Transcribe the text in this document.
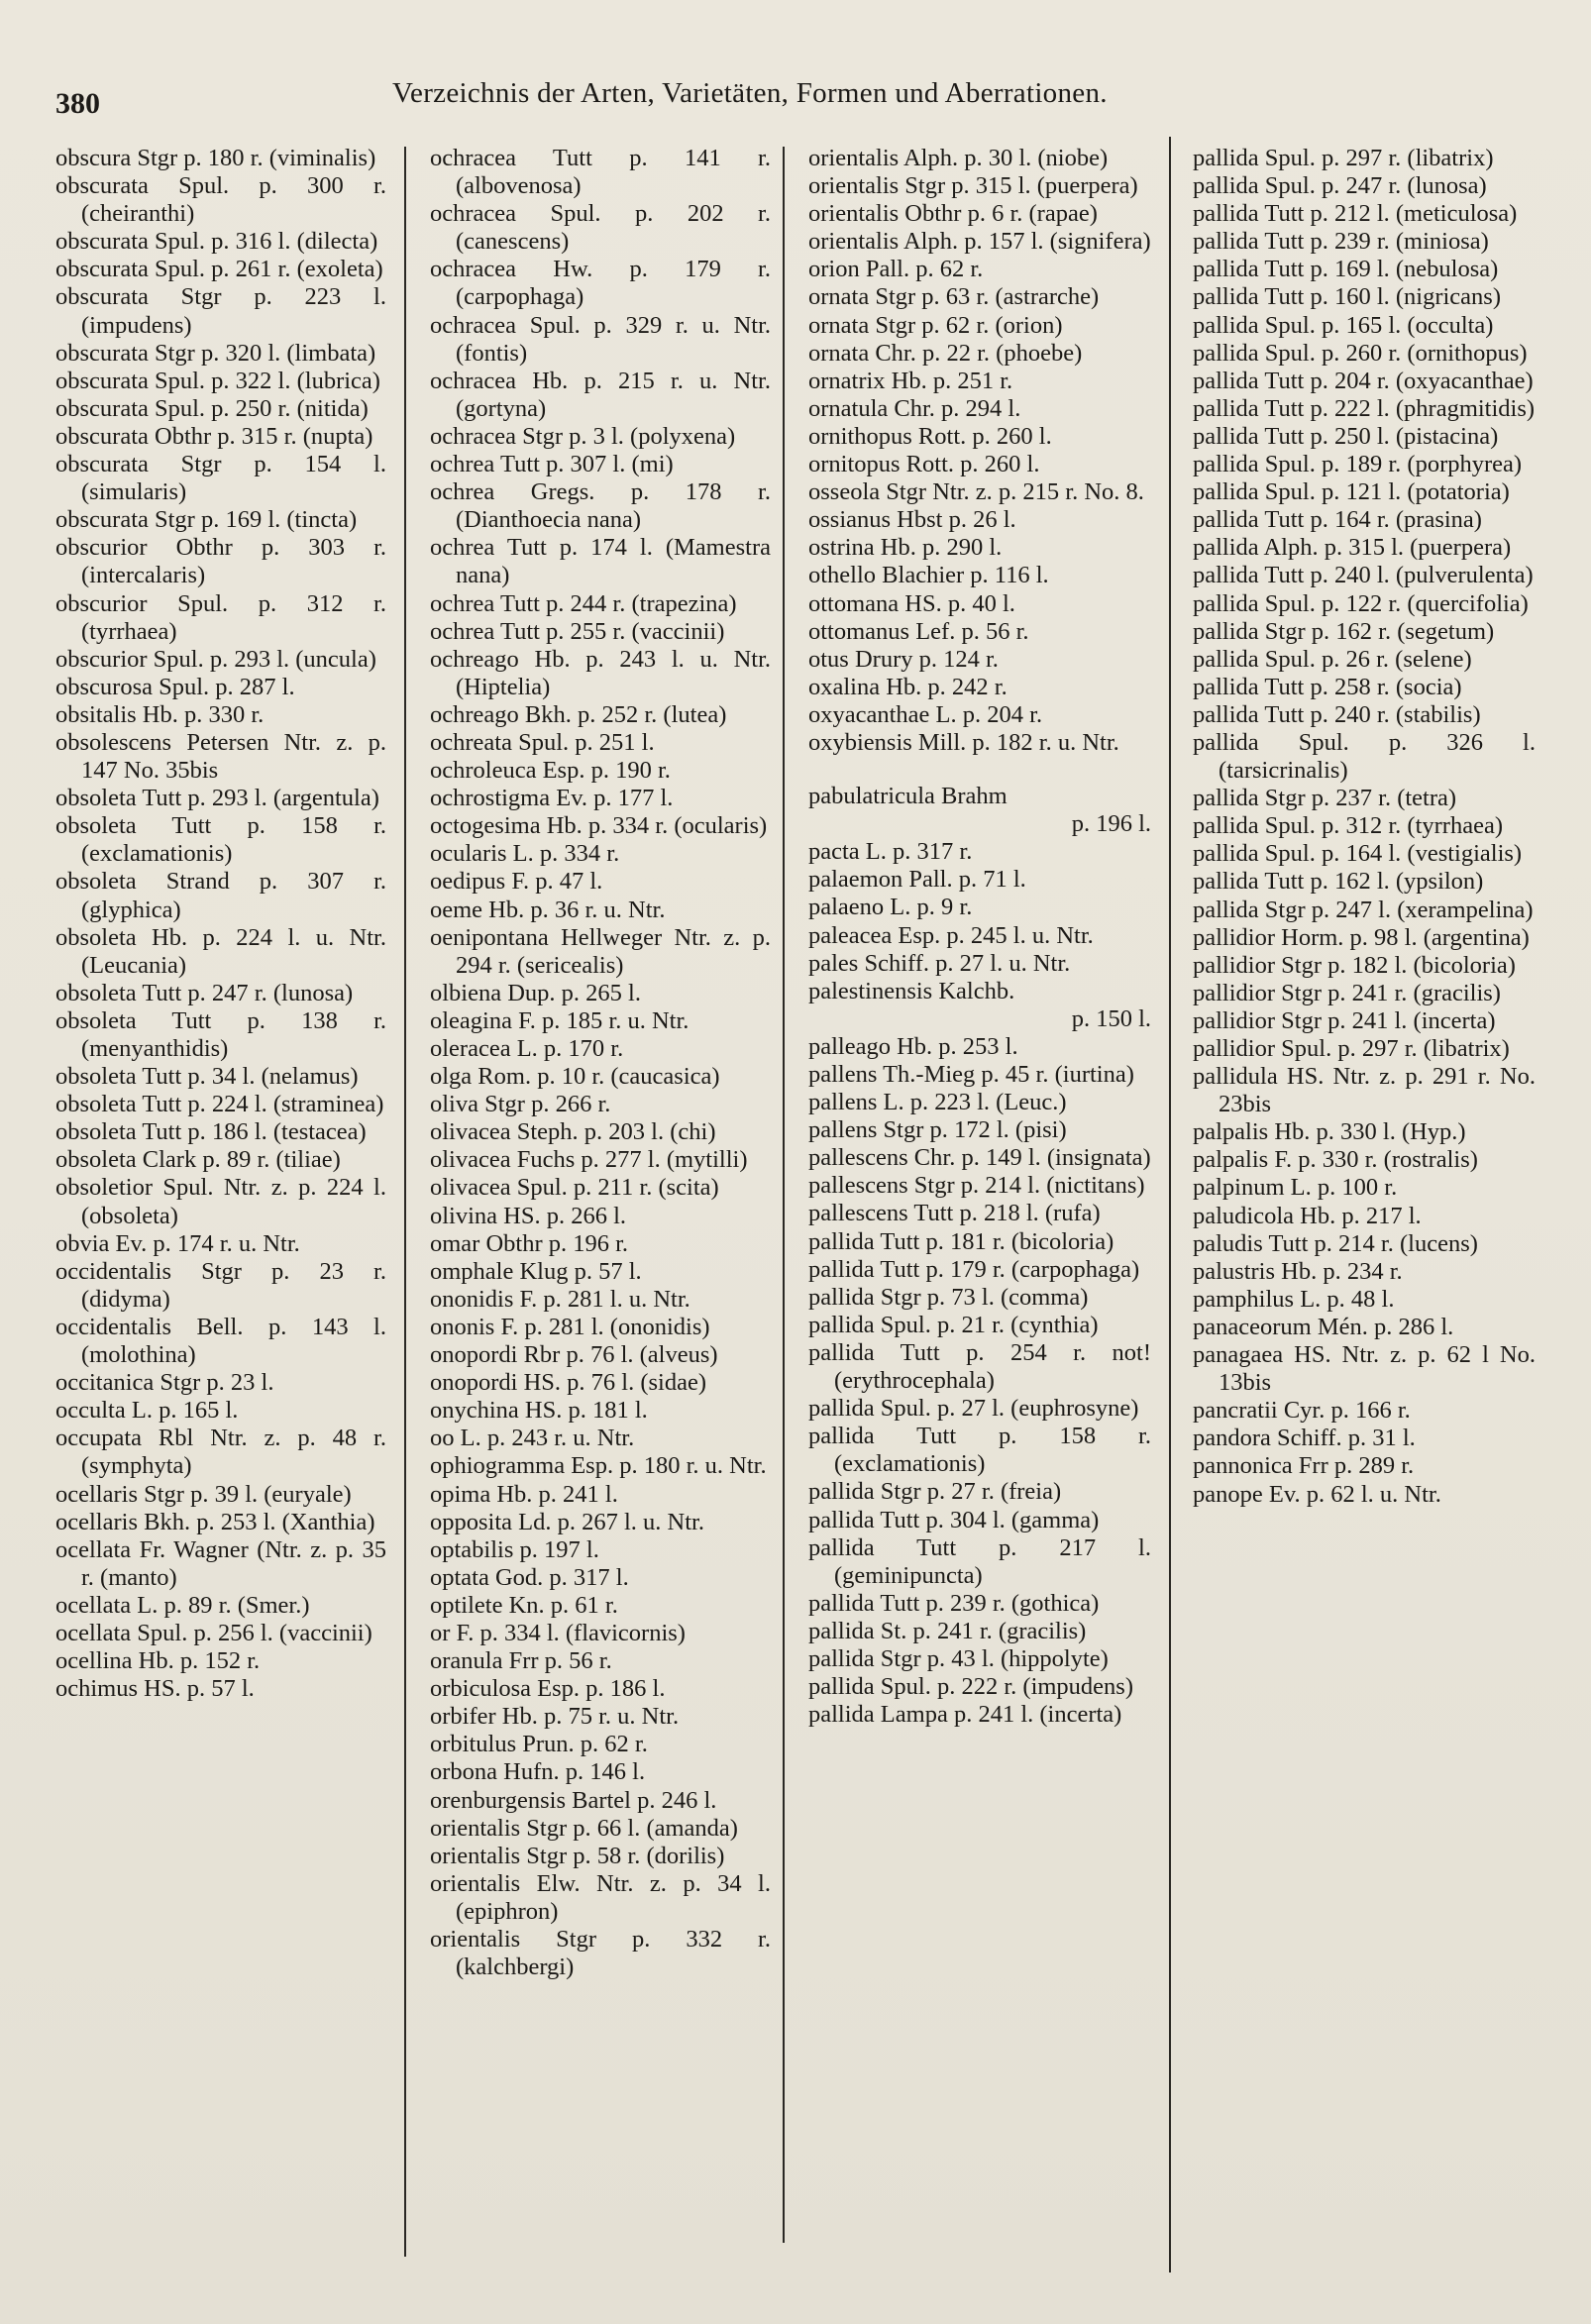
380	Verzeichnis der Arten, Varietäten, Formen und Aberrationen.

obscura Stgr p. 180 r. (viminalis)

obscurata Spul. p. 300 r. (cheiranthi)

obscurata Spul. p. 316 l. (dilecta)

obscurata Spul. p. 261 r. (exoleta)

obscurata Stgr p. 223 l. (impudens)

obscurata Stgr p. 320 l. (limbata)

obscurata Spul. p. 322 l. (lubrica)

obscurata Spul. p. 250 r. (nitida)

obscurata Obthr p. 315 r. (nupta)

obscurata Stgr p. 154 l. (simularis)

obscurata Stgr p. 169 l. (tincta)

obscurior Obthr p. 303 r. (intercalaris)

obscurior Spul. p. 312 r. (tyrrhaea)

obscurior Spul. p. 293 l. (uncula)

obscurosa Spul. p. 287 l.

obsitalis Hb. p. 330 r.

obsolescens Petersen Ntr. z. p. 147 No. 35bis

obsoleta Tutt p. 293 l. (argentula)

obsoleta Tutt p. 158 r. (exclamationis)

obsoleta Strand p. 307 r. (glyphica)

obsoleta Hb. p. 224 l. u. Ntr. (Leucania)

obsoleta Tutt p. 247 r. (lunosa)

obsoleta Tutt p. 138 r. (menyanthidis)

obsoleta Tutt p. 34 l. (nelamus)

obsoleta Tutt p. 224 l. (straminea)

obsoleta Tutt p. 186 l. (testacea)

obsoleta Clark p. 89 r. (tiliae)

obsoletior Spul. Ntr. z. p. 224 l. (obsoleta)

obvia Ev. p. 174 r. u. Ntr.

occidentalis Stgr p. 23 r. (didyma)

occidentalis Bell. p. 143 l. (molothina)

occitanica Stgr p. 23 l.

occulta L. p. 165 l.

occupata Rbl Ntr. z. p. 48 r. (symphyta)

ocellaris Stgr p. 39 l. (euryale)

ocellaris Bkh. p. 253 l. (Xanthia)

ocellata Fr. Wagner (Ntr. z. p. 35 r. (manto)

ocellata L. p. 89 r. (Smer.)

ocellata Spul. p. 256 l. (vaccinii)

ocellina Hb. p. 152 r.

ochimus HS. p. 57 l.

ochracea Tutt p. 141 r. (albovenosa)

ochracea Spul. p. 202 r. (canescens)

ochracea Hw. p. 179 r. (carpophaga)

ochracea Spul. p. 329 r. u. Ntr. (fontis)

ochracea Hb. p. 215 r. u. Ntr. (gortyna)

ochracea Stgr p. 3 l. (polyxena)

ochrea Tutt p. 307 l. (mi)

ochrea Gregs. p. 178 r. (Dianthoecia nana)

ochrea Tutt p. 174 l. (Mamestra nana)

ochrea Tutt p. 244 r. (trapezina)

ochrea Tutt p. 255 r. (vaccinii)

ochreago Hb. p. 243 l. u. Ntr. (Hiptelia)

ochreago Bkh. p. 252 r. (lutea)

ochreata Spul. p. 251 l.

ochroleuca Esp. p. 190 r.

ochrostigma Ev. p. 177 l.

octogesima Hb. p. 334 r. (ocularis)

ocularis L. p. 334 r.

oedipus F. p. 47 l.

oeme Hb. p. 36 r. u. Ntr.

oenipontana Hellweger Ntr. z. p. 294 r. (sericealis)

olbiena Dup. p. 265 l.

oleagina F. p. 185 r. u. Ntr.

oleracea L. p. 170 r.

olga Rom. p. 10 r. (caucasica)

oliva Stgr p. 266 r.

olivacea Steph. p. 203 l. (chi)

olivacea Fuchs p. 277 l. (mytilli)

olivacea Spul. p. 211 r. (scita)

olivina HS. p. 266 l.

omar Obthr p. 196 r.

omphale Klug p. 57 l.

ononidis F. p. 281 l. u. Ntr.

ononis F. p. 281 l. (ononidis)

onopordi Rbr p. 76 l. (alveus)

onopordi HS. p. 76 l. (sidae)

onychina HS. p. 181 l.

oo L. p. 243 r. u. Ntr.

ophiogramma Esp. p. 180 r. u. Ntr.

opima Hb. p. 241 l.

opposita Ld. p. 267 l. u. Ntr.

optabilis p. 197 l.

optata God. p. 317 l.

optilete Kn. p. 61 r.

or F. p. 334 l. (flavicornis)

oranula Frr p. 56 r.

orbiculosa Esp. p. 186 l.

orbifer Hb. p. 75 r. u. Ntr.

orbitulus Prun. p. 62 r.

orbona Hufn. p. 146 l.

orenburgensis Bartel p. 246 l.

orientalis Stgr p. 66 l. (amanda)

orientalis Stgr p. 58 r. (dorilis)

orientalis Elw. Ntr. z. p. 34 l. (epiphron)

orientalis Stgr p. 332 r. (kalchbergi)

orientalis Alph. p. 30 l. (niobe)

orientalis Stgr p. 315 l. (puerpera)

orientalis Obthr p. 6 r. (rapae)

orientalis Alph. p. 157 l. (signifera)

orion Pall. p. 62 r.

ornata Stgr p. 63 r. (astrarche)

ornata Stgr p. 62 r. (orion)

ornata Chr. p. 22 r. (phoebe)

ornatrix Hb. p. 251 r.

ornatula Chr. p. 294 l.

ornithopus Rott. p. 260 l.

ornitopus Rott. p. 260 l.

osseola Stgr Ntr. z. p. 215 r. No. 8.

ossianus Hbst p. 26 l.

ostrina Hb. p. 290 l.

othello Blachier p. 116 l.

ottomana HS. p. 40 l.

ottomanus Lef. p. 56 r.

otus Drury p. 124 r.

oxalina Hb. p. 242 r.

oxyacanthae L. p. 204 r.

oxybiensis Mill. p. 182 r. u. Ntr.

pabulatricula Brahm

p. 196 l.

pacta L. p. 317 r.

palaemon Pall. p. 71 l.

palaeno L. p. 9 r.

paleacea Esp. p. 245 l. u. Ntr.

pales Schiff. p. 27 l. u. Ntr.

palestinensis Kalchb.

p. 150 l.

palleago Hb. p. 253 l.

pallens Th.-Mieg p. 45 r. (iurtina)

pallens L. p. 223 l. (Leuc.)

pallens Stgr p. 172 l. (pisi)

pallescens Chr. p. 149 l. (insignata)

pallescens Stgr p. 214 l. (nictitans)

pallescens Tutt p. 218 l. (rufa)

pallida Tutt p. 181 r. (bicoloria)

pallida Tutt p. 179 r. (carpophaga)

pallida Stgr p. 73 l. (comma)

pallida Spul. p. 21 r. (cynthia)

pallida Tutt p. 254 r. not! (erythrocephala)

pallida Spul. p. 27 l. (euphrosyne)

pallida Tutt p. 158 r. (exclamationis)

pallida Stgr p. 27 r. (freia)

pallida Tutt p. 304 l. (gamma)

pallida Tutt p. 217 l. (geminipuncta)

pallida Tutt p. 239 r. (gothica)

pallida St. p. 241 r. (gracilis)

pallida Stgr p. 43 l. (hippolyte)

pallida Spul. p. 222 r. (impudens)

pallida Lampa p. 241 l. (incerta)

pallida Spul. p. 297 r. (libatrix)

pallida Spul. p. 247 r. (lunosa)

pallida Tutt p. 212 l. (meticulosa)

pallida Tutt p. 239 r. (miniosa)

pallida Tutt p. 169 l. (nebulosa)

pallida Tutt p. 160 l. (nigricans)

pallida Spul. p. 165 l. (occulta)

pallida Spul. p. 260 r. (ornithopus)

pallida Tutt p. 204 r. (oxyacanthae)

pallida Tutt p. 222 l. (phragmitidis)

pallida Tutt p. 250 l. (pistacina)

pallida Spul. p. 189 r. (porphyrea)

pallida Spul. p. 121 l. (potatoria)

pallida Tutt p. 164 r. (prasina)

pallida Alph. p. 315 l. (puerpera)

pallida Tutt p. 240 l. (pulverulenta)

pallida Spul. p. 122 r. (quercifolia)

pallida Stgr p. 162 r. (segetum)

pallida Spul. p. 26 r. (selene)

pallida Tutt p. 258 r. (socia)

pallida Tutt p. 240 r. (stabilis)

pallida Spul. p. 326 l. (tarsicrinalis)

pallida Stgr p. 237 r. (tetra)

pallida Spul. p. 312 r. (tyrrhaea)

pallida Spul. p. 164 l. (vestigialis)

pallida Tutt p. 162 l. (ypsilon)

pallida Stgr p. 247 l. (xerampelina)

pallidior Horm. p. 98 l. (argentina)

pallidior Stgr p. 182 l. (bicoloria)

pallidior Stgr p. 241 r. (gracilis)

pallidior Stgr p. 241 l. (incerta)

pallidior Spul. p. 297 r. (libatrix)

pallidula HS. Ntr. z. p. 291 r. No. 23bis

palpalis Hb. p. 330 l. (Hyp.)

palpalis F. p. 330 r. (rostralis)

palpinum L. p. 100 r.

paludicola Hb. p. 217 l.

paludis Tutt p. 214 r. (lucens)

palustris Hb. p. 234 r.

pamphilus L. p. 48 l.

panaceorum Mén. p. 286 l.

panagaea HS. Ntr. z. p. 62 l No. 13bis

pancratii Cyr. p. 166 r.

pandora Schiff. p. 31 l.

pannonica Frr p. 289 r.

panope Ev. p. 62 l. u. Ntr.
